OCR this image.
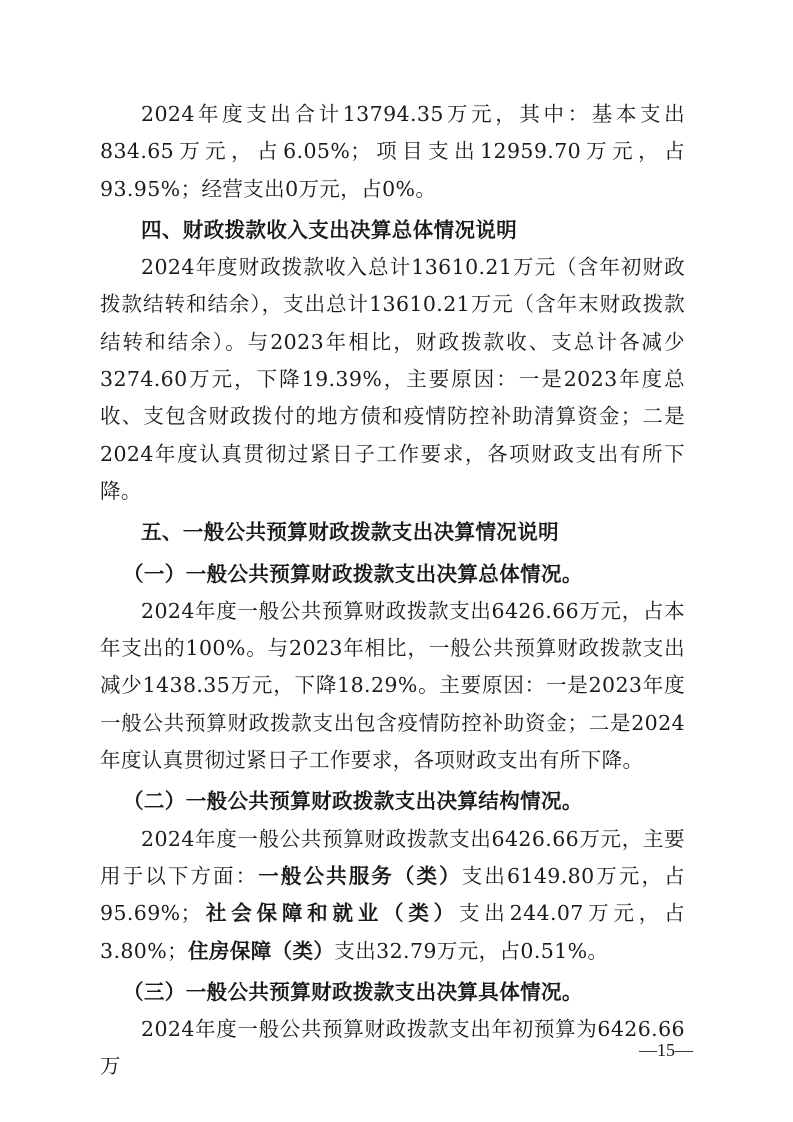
2024年度支出合计13794.35万元，其中：基本支出834.65万元，占6.05%；项目支出12959.70万元，占93.95%；经营支出0万元，占0%。

四、财政拨款收入支出决算总体情况说明

2024年度财政拨款收入总计13610.21万元（含年初财政拨款结转和结余），支出总计13610.21万元（含年末财政拨款结转和结余）。与2023年相比，财政拨款收、支总计各减少3274.60万元，下降19.39%，主要原因：一是2023年度总收、支包含财政拨付的地方债和疫情防控补助清算资金；二是2024年度认真贯彻过紧日子工作要求，各项财政支出有所下降。

五、一般公共预算财政拨款支出决算情况说明

（一）一般公共预算财政拨款支出决算总体情况。

2024年度一般公共预算财政拨款支出6426.66万元，占本年支出的100%。与2023年相比，一般公共预算财政拨款支出减少1438.35万元，下降18.29%。主要原因：一是2023年度一般公共预算财政拨款支出包含疫情防控补助资金；二是2024年度认真贯彻过紧日子工作要求，各项财政支出有所下降。

（二）一般公共预算财政拨款支出决算结构情况。

2024年度一般公共预算财政拨款支出6426.66万元，主要用于以下方面：一般公共服务（类）支出6149.80万元，占95.69%；社会保障和就业（类）支出244.07万元，占3.80%；住房保障（类）支出32.79万元，占0.51%。

（三）一般公共预算财政拨款支出决算具体情况。

2024年度一般公共预算财政拨款支出年初预算为6426.66万

—15—
